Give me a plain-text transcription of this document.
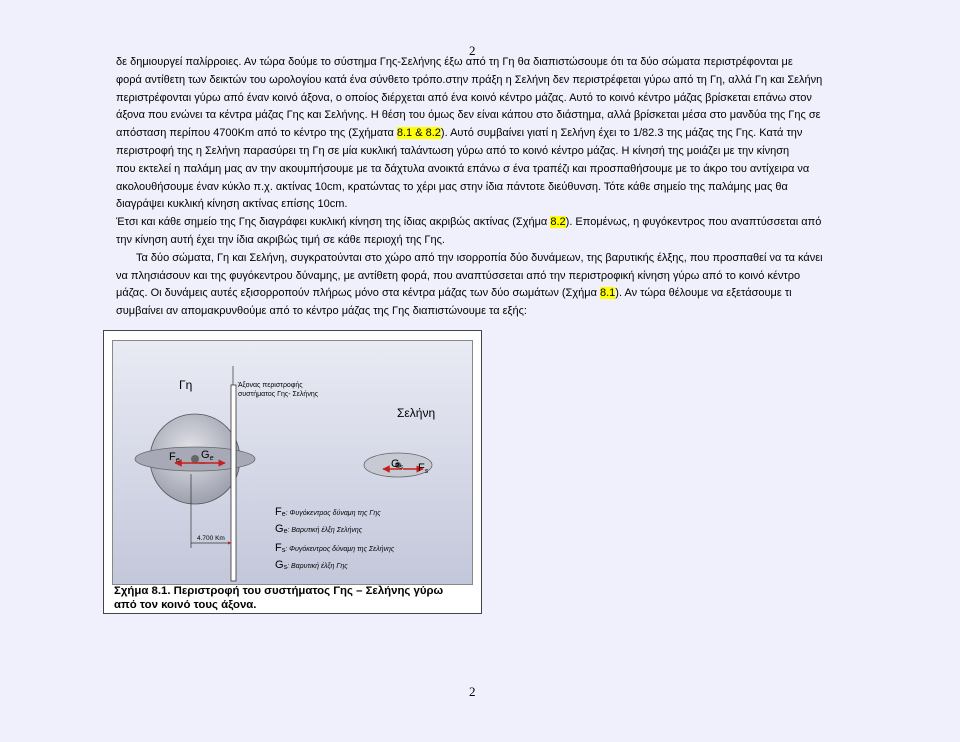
2

δε δημιουργεί παλίρροιες. Αν τώρα δούμε το σύστημα Γης-Σελήνης έξω από τη Γη θα διαπιστώσουμε ότι τα δύο σώματα περιστρέφονται με
φορά αντίθετη των δεικτών του ωρολογίου κατά ένα σύνθετο τρόπο.στην πράξη η Σελήνη δεν περιστρέφεται γύρω από τη Γη, αλλά Γη και Σελήνη
περιστρέφονται γύρω από έναν κοινό άξονα, ο οποίος διέρχεται από ένα κοινό κέντρο μάζας. Αυτό το κοινό κέντρο μάζας βρίσκεται επάνω στον
άξονα που ενώνει τα κέντρα μάζας Γης και Σελήνης. Η θέση του όμως δεν είναι κάπου στο διάστημα, αλλά βρίσκεται μέσα στο μανδύα της Γης σε
απόσταση περίπου 4700Km από το κέντρο της (Σχήματα 8.1 & 8.2). Αυτό συμβαίνει γιατί η Σελήνη έχει το 1/82.3 της μάζας της Γης. Κατά την
περιστροφή της η Σελήνη παρασύρει τη Γη σε μία κυκλική ταλάντωση γύρω από το κοινό κέντρο μάζας. Η κίνησή της μοιάζει με την κίνηση
που εκτελεί η παλάμη μας αν την ακουμπήσουμε με τα δάχτυλα ανοικτά επάνω σ ένα τραπέζι και προσπαθήσουμε με το άκρο του αντίχειρα να
ακολουθήσουμε έναν κύκλο π.χ. ακτίνας 10cm, κρατώντας το χέρι μας στην ίδια πάντοτε διεύθυνση. Τότε κάθε σημείο της παλάμης μας θα
διαγράψει κυκλική κίνηση ακτίνας επίσης 10cm.

Έτσι και κάθε σημείο της Γης διαγράφει κυκλική κίνηση της ίδιας ακριβώς ακτίνας (Σχήμα 8.2). Επομένως, η φυγόκεντρος που αναπτύσσεται από
την κίνηση αυτή έχει την ίδια ακριβώς τιμή σε κάθε περιοχή της Γης.

Τα δύο σώματα, Γη και Σελήνη, συγκρατούνται στο χώρο από την ισορροπία δύο δυνάμεων, της βαρυτικής έλξης, που προσπαθεί να τα κάνει
να πλησιάσουν και της φυγόκεντρου δύναμης, με αντίθετη φορά, που αναπτύσσεται από την περιστροφική κίνηση γύρω από το κοινό κέντρο
μάζας. Οι δυνάμεις αυτές εξισορροπούν πλήρως μόνο στα κέντρα μάζας των δύο σωμάτων (Σχήμα 8.1). Αν τώρα θέλουμε να εξετάσουμε τι
συμβαίνει αν απομακρυνθούμε από το κέντρο μάζας της Γης διαπιστώνουμε τα εξής:

Γη	Άξονας περιστροφής
συστήματος Γης- Σελήνης
Σελήνη
Fe Ge	Gs Fs
4.700 Km
Fe: Φυγόκεντρος δύναμη της Γης
Ge: Βαρυτική έλξη Σελήνης
Fs: Φυγόκεντρος δύναμη της Σελήνης
Gs: Βαρυτική έλξη Γης
Σχήμα 8.1. Περιστροφή του συστήματος Γης – Σελήνης γύρω
από τον κοινό τους άξονα.
2
